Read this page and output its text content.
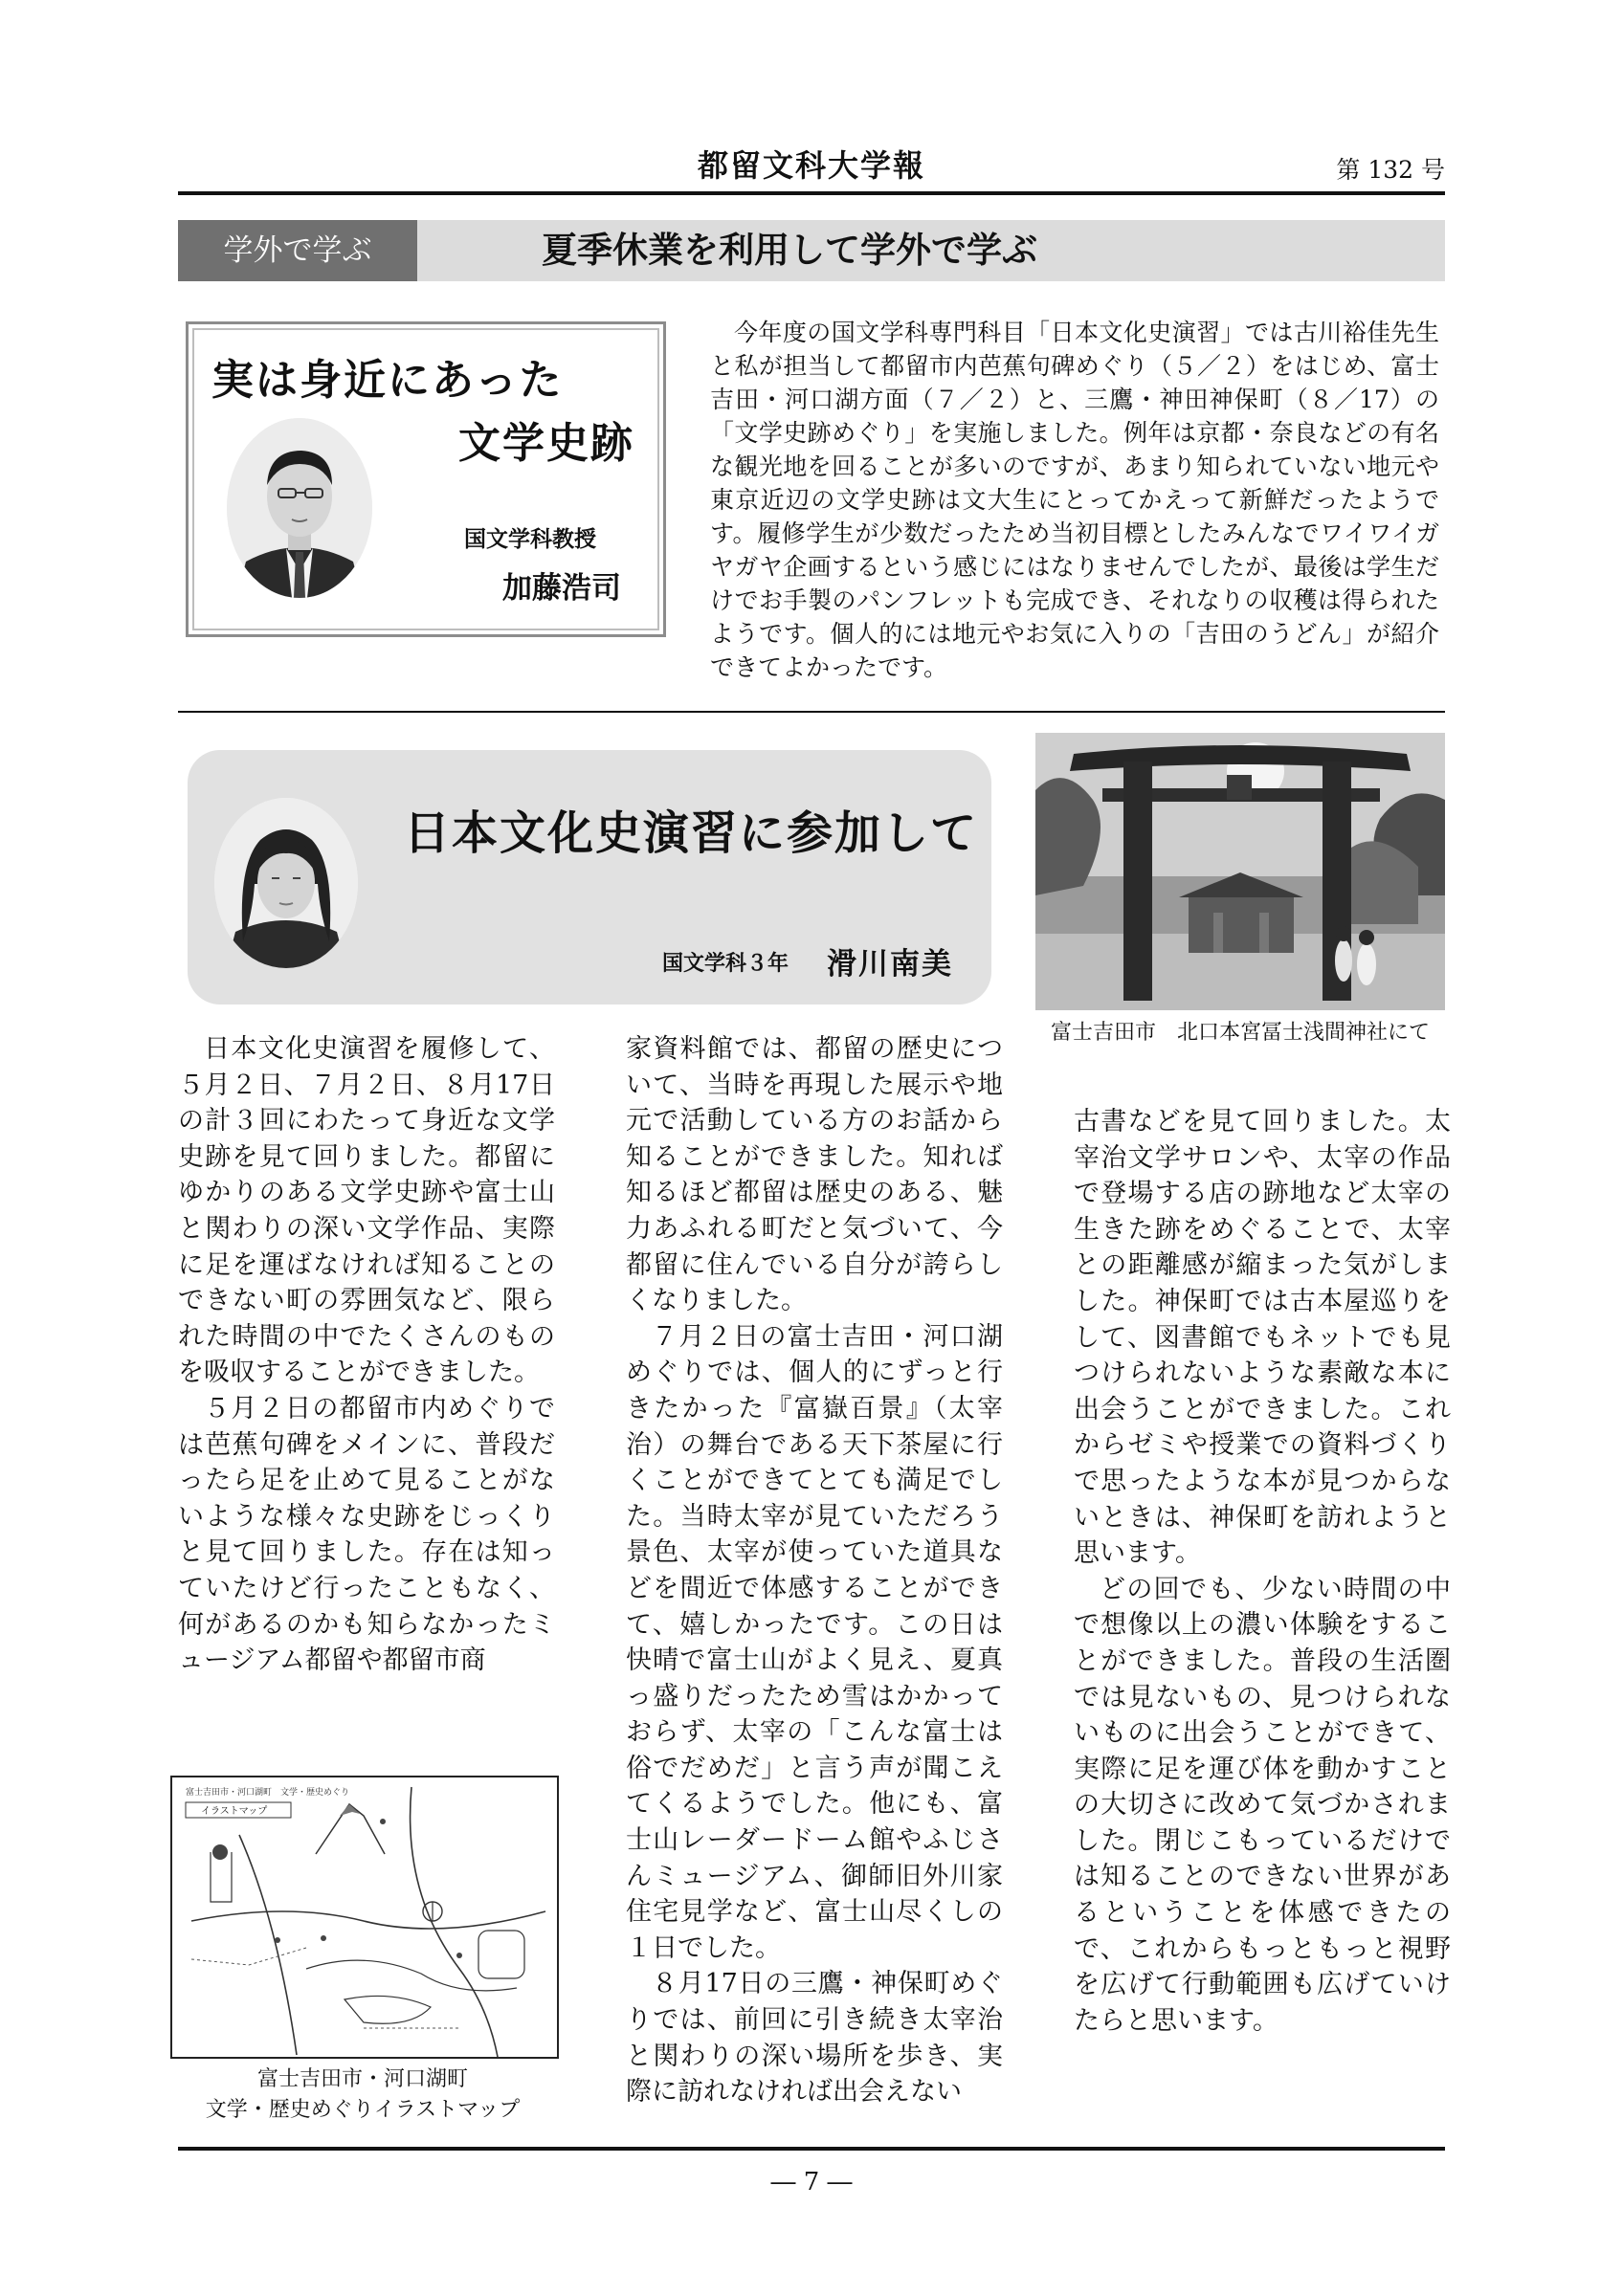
都留文科大学報	第 132 号
学外で学ぶ	夏季休業を利用して学外で学ぶ
実は身近にあった
文学史跡
国文学科教授
加藤浩司

今年度の国文学科専門科目「日本文化史演習」では古川裕佳先生と私が担当して都留市内芭蕉句碑めぐり（５／２）をはじめ、富士吉田・河口湖方面（７／２）と、三鷹・神田神保町（８／17）の「文学史跡めぐり」を実施しました。例年は京都・奈良などの有名な観光地を回ることが多いのですが、あまり知られていない地元や東京近辺の文学史跡は文大生にとってかえって新鮮だったようです。履修学生が少数だったため当初目標としたみんなでワイワイガヤガヤ企画するという感じにはなりませんでしたが、最後は学生だけでお手製のパンフレットも完成でき、それなりの収穫は得られたようです。個人的には地元やお気に入りの「吉田のうどん」が紹介できてよかったです。

日本文化史演習に参加して
国文学科３年 滑川南美
富士吉田市　北口本宮冨士浅間神社にて

日本文化史演習を履修して、５月２日、７月２日、８月17日の計３回にわたって身近な文学史跡を見て回りました。都留にゆかりのある文学史跡や富士山と関わりの深い文学作品、実際に足を運ばなければ知ることのできない町の雰囲気など、限られた時間の中でたくさんのものを吸収することができました。

５月２日の都留市内めぐりでは芭蕉句碑をメインに、普段だったら足を止めて見ることがないような様々な史跡をじっくりと見て回りました。存在は知っていたけど行ったこともなく、何があるのかも知らなかったミュージアム都留や都留市商

家資料館では、都留の歴史について、当時を再現した展示や地元で活動している方のお話から知ることができました。知れば知るほど都留は歴史のある、魅力あふれる町だと気づいて、今都留に住んでいる自分が誇らしくなりました。

７月２日の富士吉田・河口湖めぐりでは、個人的にずっと行きたかった『富嶽百景』（太宰治）の舞台である天下茶屋に行くことができてとても満足でした。当時太宰が見ていただろう景色、太宰が使っていた道具などを間近で体感することができて、嬉しかったです。この日は快晴で富士山がよく見え、夏真っ盛りだったため雪はかかっておらず、太宰の「こんな富士は俗でだめだ」と言う声が聞こえてくるようでした。他にも、富士山レーダードーム館やふじさんミュージアム、御師旧外川家住宅見学など、富士山尽くしの１日でした。

８月17日の三鷹・神保町めぐりでは、前回に引き続き太宰治と関わりの深い場所を歩き、実際に訪れなければ出会えない

古書などを見て回りました。太宰治文学サロンや、太宰の作品で登場する店の跡地など太宰の生きた跡をめぐることで、太宰との距離感が縮まった気がしました。神保町では古本屋巡りをして、図書館でもネットでも見つけられないような素敵な本に出会うことができました。これからゼミや授業での資料づくりで思ったような本が見つからないときは、神保町を訪れようと思います。

どの回でも、少ない時間の中で想像以上の濃い体験をすることができました。普段の生活圏では見ないもの、見つけられないものに出会うことができて、実際に足を運び体を動かすことの大切さに改めて気づかされました。閉じこもっているだけでは知ることのできない世界があるということを体感できたので、これからもっともっと視野を広げて行動範囲も広げていけたらと思います。

富士吉田市・河口湖町　文学・歴史めぐり
イラストマップ
富士吉田市・河口湖町
文学・歴史めぐりイラストマップ
― 7 ―
